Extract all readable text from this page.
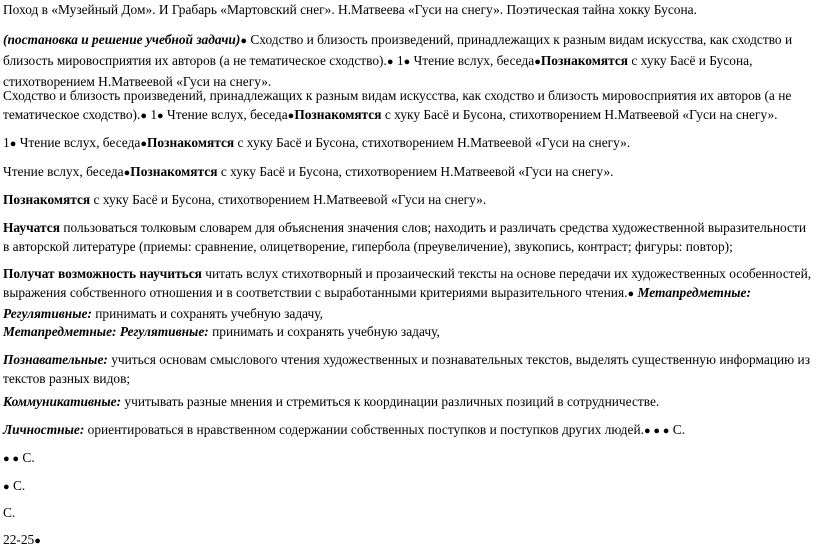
Поход в «Музейный Дом». И Грабарь «Мартовский снег». Н.Матвеева «Гуси на снегу». Поэтическая тайна хокку Бусона.

(постановка и решение учебной задачи)● Сходство и близость произведений, принадлежащих к разным видам искусства, как сходство и близость мировосприятия их авторов (а не тематическое сходство).● 1● Чтение вслух, беседа●Познакомятся с хуку Басё и Бусона, стихотворением Н.Матвеевой «Гуси на снегу».

Сходство и близость произведений, принадлежащих к разным видам искусства, как сходство и близость мировосприятия их авторов (а не тематическое сходство).● 1● Чтение вслух, беседа●Познакомятся с хуку Басё и Бусона, стихотворением Н.Матвеевой «Гуси на снегу».

1● Чтение вслух, беседа●Познакомятся с хуку Басё и Бусона, стихотворением Н.Матвеевой «Гуси на снегу».

Чтение вслух, беседа●Познакомятся с хуку Басё и Бусона, стихотворением Н.Матвеевой «Гуси на снегу».

Познакомятся с хуку Басё и Бусона, стихотворением Н.Матвеевой «Гуси на снегу».

Научатся пользоваться толковым словарем для объяснения значения слов; находить и различать средства художественной выразительности в авторской литературе (приемы: сравнение, олицетворение, гипербола (преувеличение), звукопись, контраст; фигуры: повтор);

Получат возможность научиться читать вслух стихотворный и прозаический тексты на основе передачи их художественных особенностей, выражения собственного отношения и в соответствии с выработанными критериями выразительного чтения.● Метапредметные: Регулятивные: принимать и сохранять учебную задачу,

Метапредметные: Регулятивные: принимать и сохранять учебную задачу,

Познавательные: учиться основам смыслового чтения художественных и познавательных текстов, выделять существенную информацию из текстов разных видов;

Коммуникативные: учитывать разные мнения и стремиться к координации различных позиций в сотрудничестве.

Личностные: ориентироваться в нравственном содержании собственных поступков и поступков других людей.● ● ● С.

● ● С.

● С.

С.

22-25●
